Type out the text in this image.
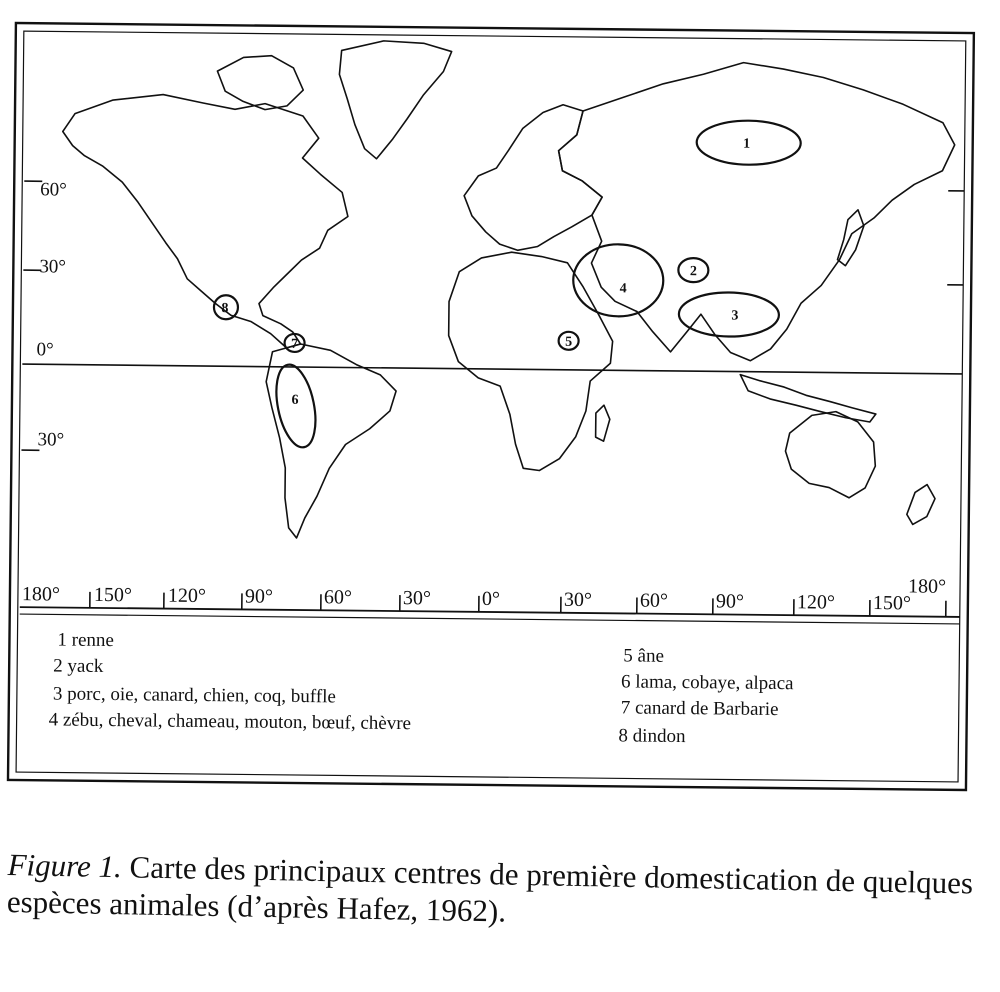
60°
30°
0°
30°
180° 150° 120° 90°	60°	30°	0°	30° 60° 90°	120° 150°
180°
1
2
3
4
5
6
7
8
1 renne
2 yack
3 porc, oie, canard, chien, coq, buffle
4 zébu, cheval, chameau, mouton, bœuf, chèvre
5 âne
6 lama, cobaye, alpaca
7 canard de Barbarie
8 dindon
Figure 1. Carte des principaux centres de première domestication de quelques espèces animales (d’après Hafez, 1962).
